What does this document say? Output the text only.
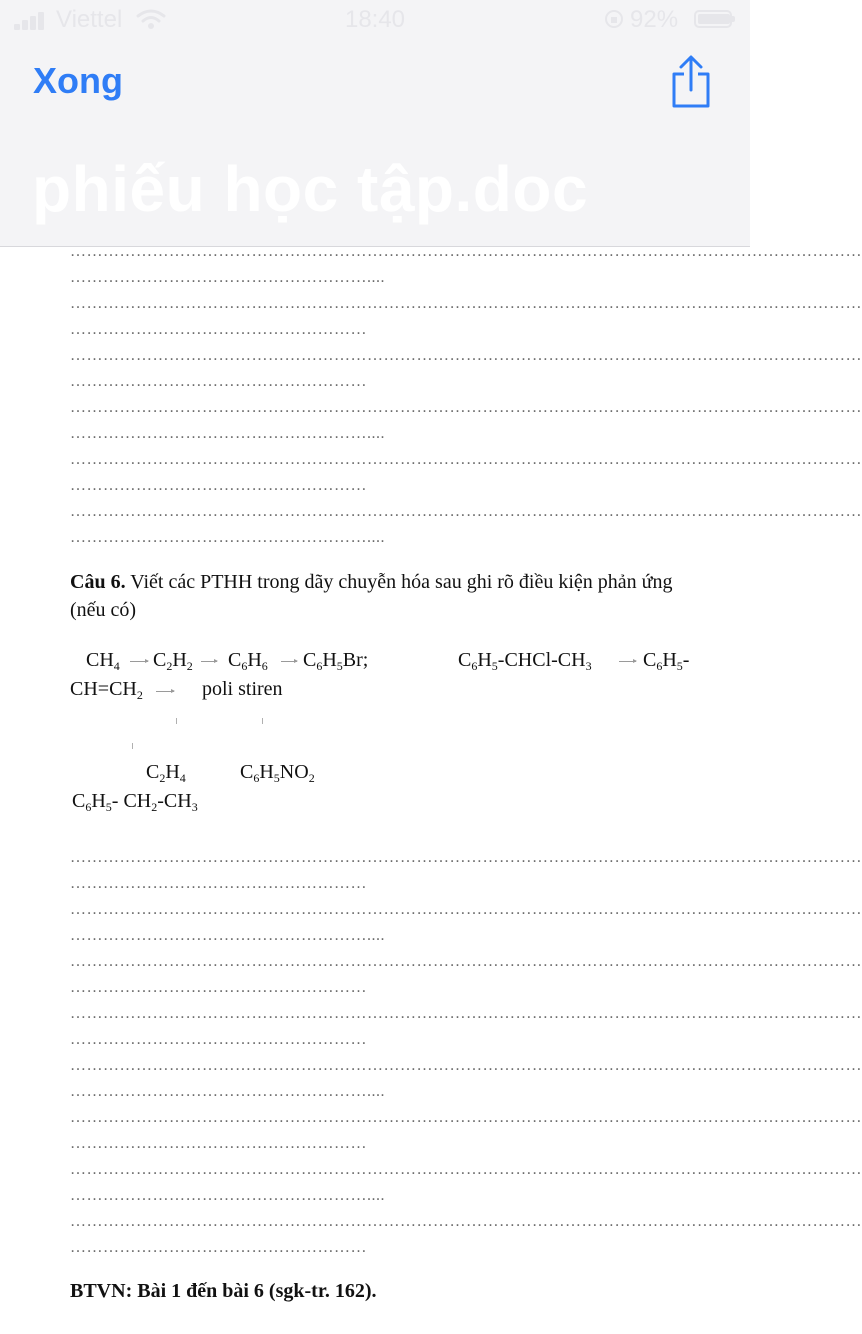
Viettel	18:40	92%
Xong
phiếu học tập.doc
………………………………………………………………………………………………………………………………
………………………………………………....
………………………………………………………………………………………………………………………………
………………………………………………
………………………………………………………………………………………………………………………………
………………………………………………
………………………………………………………………………………………………………………………………
………………………………………………....
………………………………………………………………………………………………………………………………
………………………………………………
………………………………………………………………………………………………………………………………
………………………………………………....
Câu 6. Viết các PTHH trong dãy chuyễn hóa sau ghi rõ điều kiện phản ứng (nếu có)
$CH_4 \to C_2H_2 \to C_6H_6 \to C_6H_5Br$;	$C_6H_5-CHCl-CH_3 \to C_6H_5-$
$CH=CH_2$ → poli stiren
$C_2H_4$	$C_6H_5NO_2$
$C_6H_5-$ $CH_2-CH_3$
………………………………………………………………………………………………………………………………
………………………………………………
………………………………………………………………………………………………………………………………
………………………………………………....
………………………………………………………………………………………………………………………………
………………………………………………
………………………………………………………………………………………………………………………………
………………………………………………
………………………………………………………………………………………………………………………………
………………………………………………....
………………………………………………………………………………………………………………………………
………………………………………………
………………………………………………………………………………………………………………………………
………………………………………………....
………………………………………………………………………………………………………………………………
………………………………………………
BTVN: Bài 1 đến bài 6 (sgk-tr. 162).
